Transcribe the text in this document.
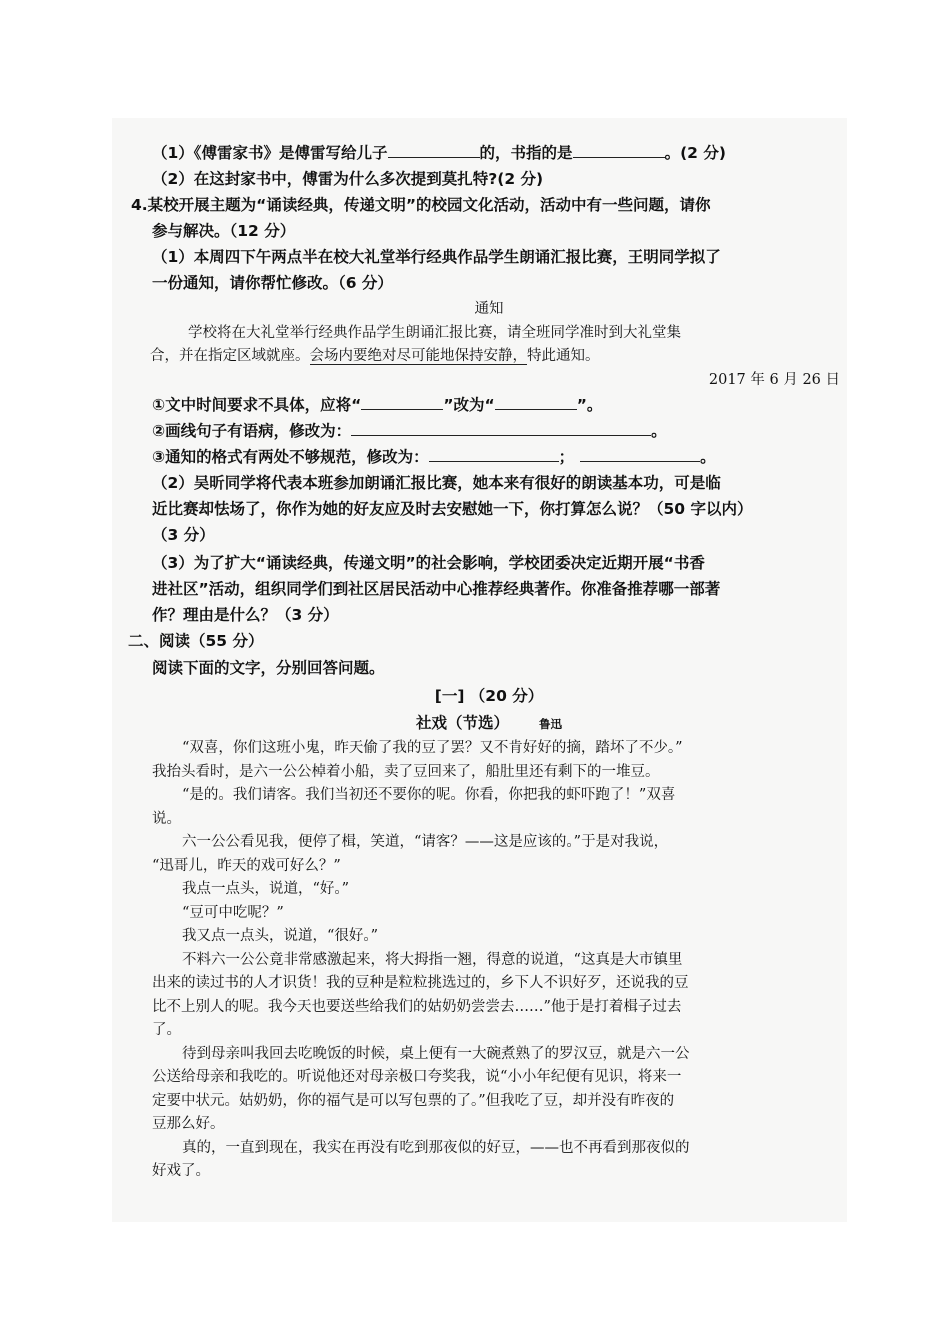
（1）《傅雷家书》是傅雷写给儿子	的，书指的是	。(2 分)
（2）在这封家书中，傅雷为什么多次提到莫扎特?(2 分)
4.某校开展主题为“诵读经典，传递文明”的校园文化活动，活动中有一些问题，请你
参与解决。（12 分）
（1）本周四下午两点半在校大礼堂举行经典作品学生朗诵汇报比赛，王明同学拟了
一份通知，请你帮忙修改。（6 分）
通知
学校将在大礼堂举行经典作品学生朗诵汇报比赛，请全班同学准时到大礼堂集
合，并在指定区域就座。会场内要绝对尽可能地保持安静，特此通知。
2017 年 6 月 26 日
①文中时间要求不具体，应将“	”改为“	”。
②画线句子有语病，修改为：	。
③通知的格式有两处不够规范，修改为：	；	。
（2）吴昕同学将代表本班参加朗诵汇报比赛，她本来有很好的朗读基本功，可是临
近比赛却怯场了，你作为她的好友应及时去安慰她一下，你打算怎么说？（50 字以内）
（3 分）
（3）为了扩大“诵读经典，传递文明”的社会影响，学校团委决定近期开展“书香
进社区”活动，组织同学们到社区居民活动中心推荐经典著作。你准备推荐哪一部著
作？理由是什么？（3 分）
二、阅读（55 分）
阅读下面的文字，分别回答问题。
[一] （20 分）
社戏（节选）	鲁迅
“双喜，你们这班小鬼，昨天偷了我的豆了罢？又不肯好好的摘，踏坏了不少。”
我抬头看时，是六一公公棹着小船，卖了豆回来了，船肚里还有剩下的一堆豆。
“是的。我们请客。我们当初还不要你的呢。你看，你把我的虾吓跑了！”双喜
说。
六一公公看见我，便停了楫，笑道，“请客？——这是应该的。”于是对我说，
“迅哥儿，昨天的戏可好么？”
我点一点头，说道，“好。”
“豆可中吃呢？”
我又点一点头，说道，“很好。”
不料六一公公竟非常感激起来，将大拇指一翘，得意的说道，“这真是大市镇里
出来的读过书的人才识货！我的豆种是粒粒挑选过的，乡下人不识好歹，还说我的豆
比不上别人的呢。我今天也要送些给我们的姑奶奶尝尝去……”他于是打着楫子过去
了。
待到母亲叫我回去吃晚饭的时候，桌上便有一大碗煮熟了的罗汉豆，就是六一公
公送给母亲和我吃的。听说他还对母亲极口夸奖我，说“小小年纪便有见识，将来一
定要中状元。姑奶奶，你的福气是可以写包票的了。”但我吃了豆，却并没有昨夜的
豆那么好。
真的，一直到现在，我实在再没有吃到那夜似的好豆，——也不再看到那夜似的
好戏了。
